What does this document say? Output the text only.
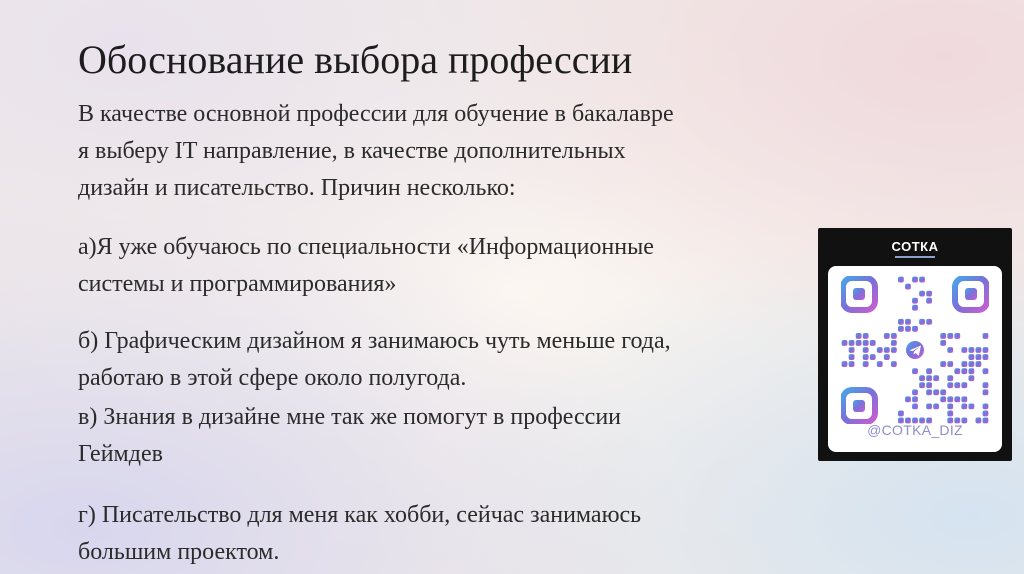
Обоснование выбора профессии
В качестве основной профессии для обучение в бакалавре
я выберу IT направление, в качестве дополнительных
дизайн и писательство. Причин несколько:
а)Я уже обучаюсь по специальности «Информационные
системы и программирования»
б) Графическим дизайном я занимаюсь чуть меньше года,
работаю в этой сфере около полугода.
в) Знания в дизайне мне так же помогут в профессии
Геймдев
г) Писательство для меня как хобби, сейчас занимаюсь
большим проектом.
СОТКА
@COTKA_DIZ
